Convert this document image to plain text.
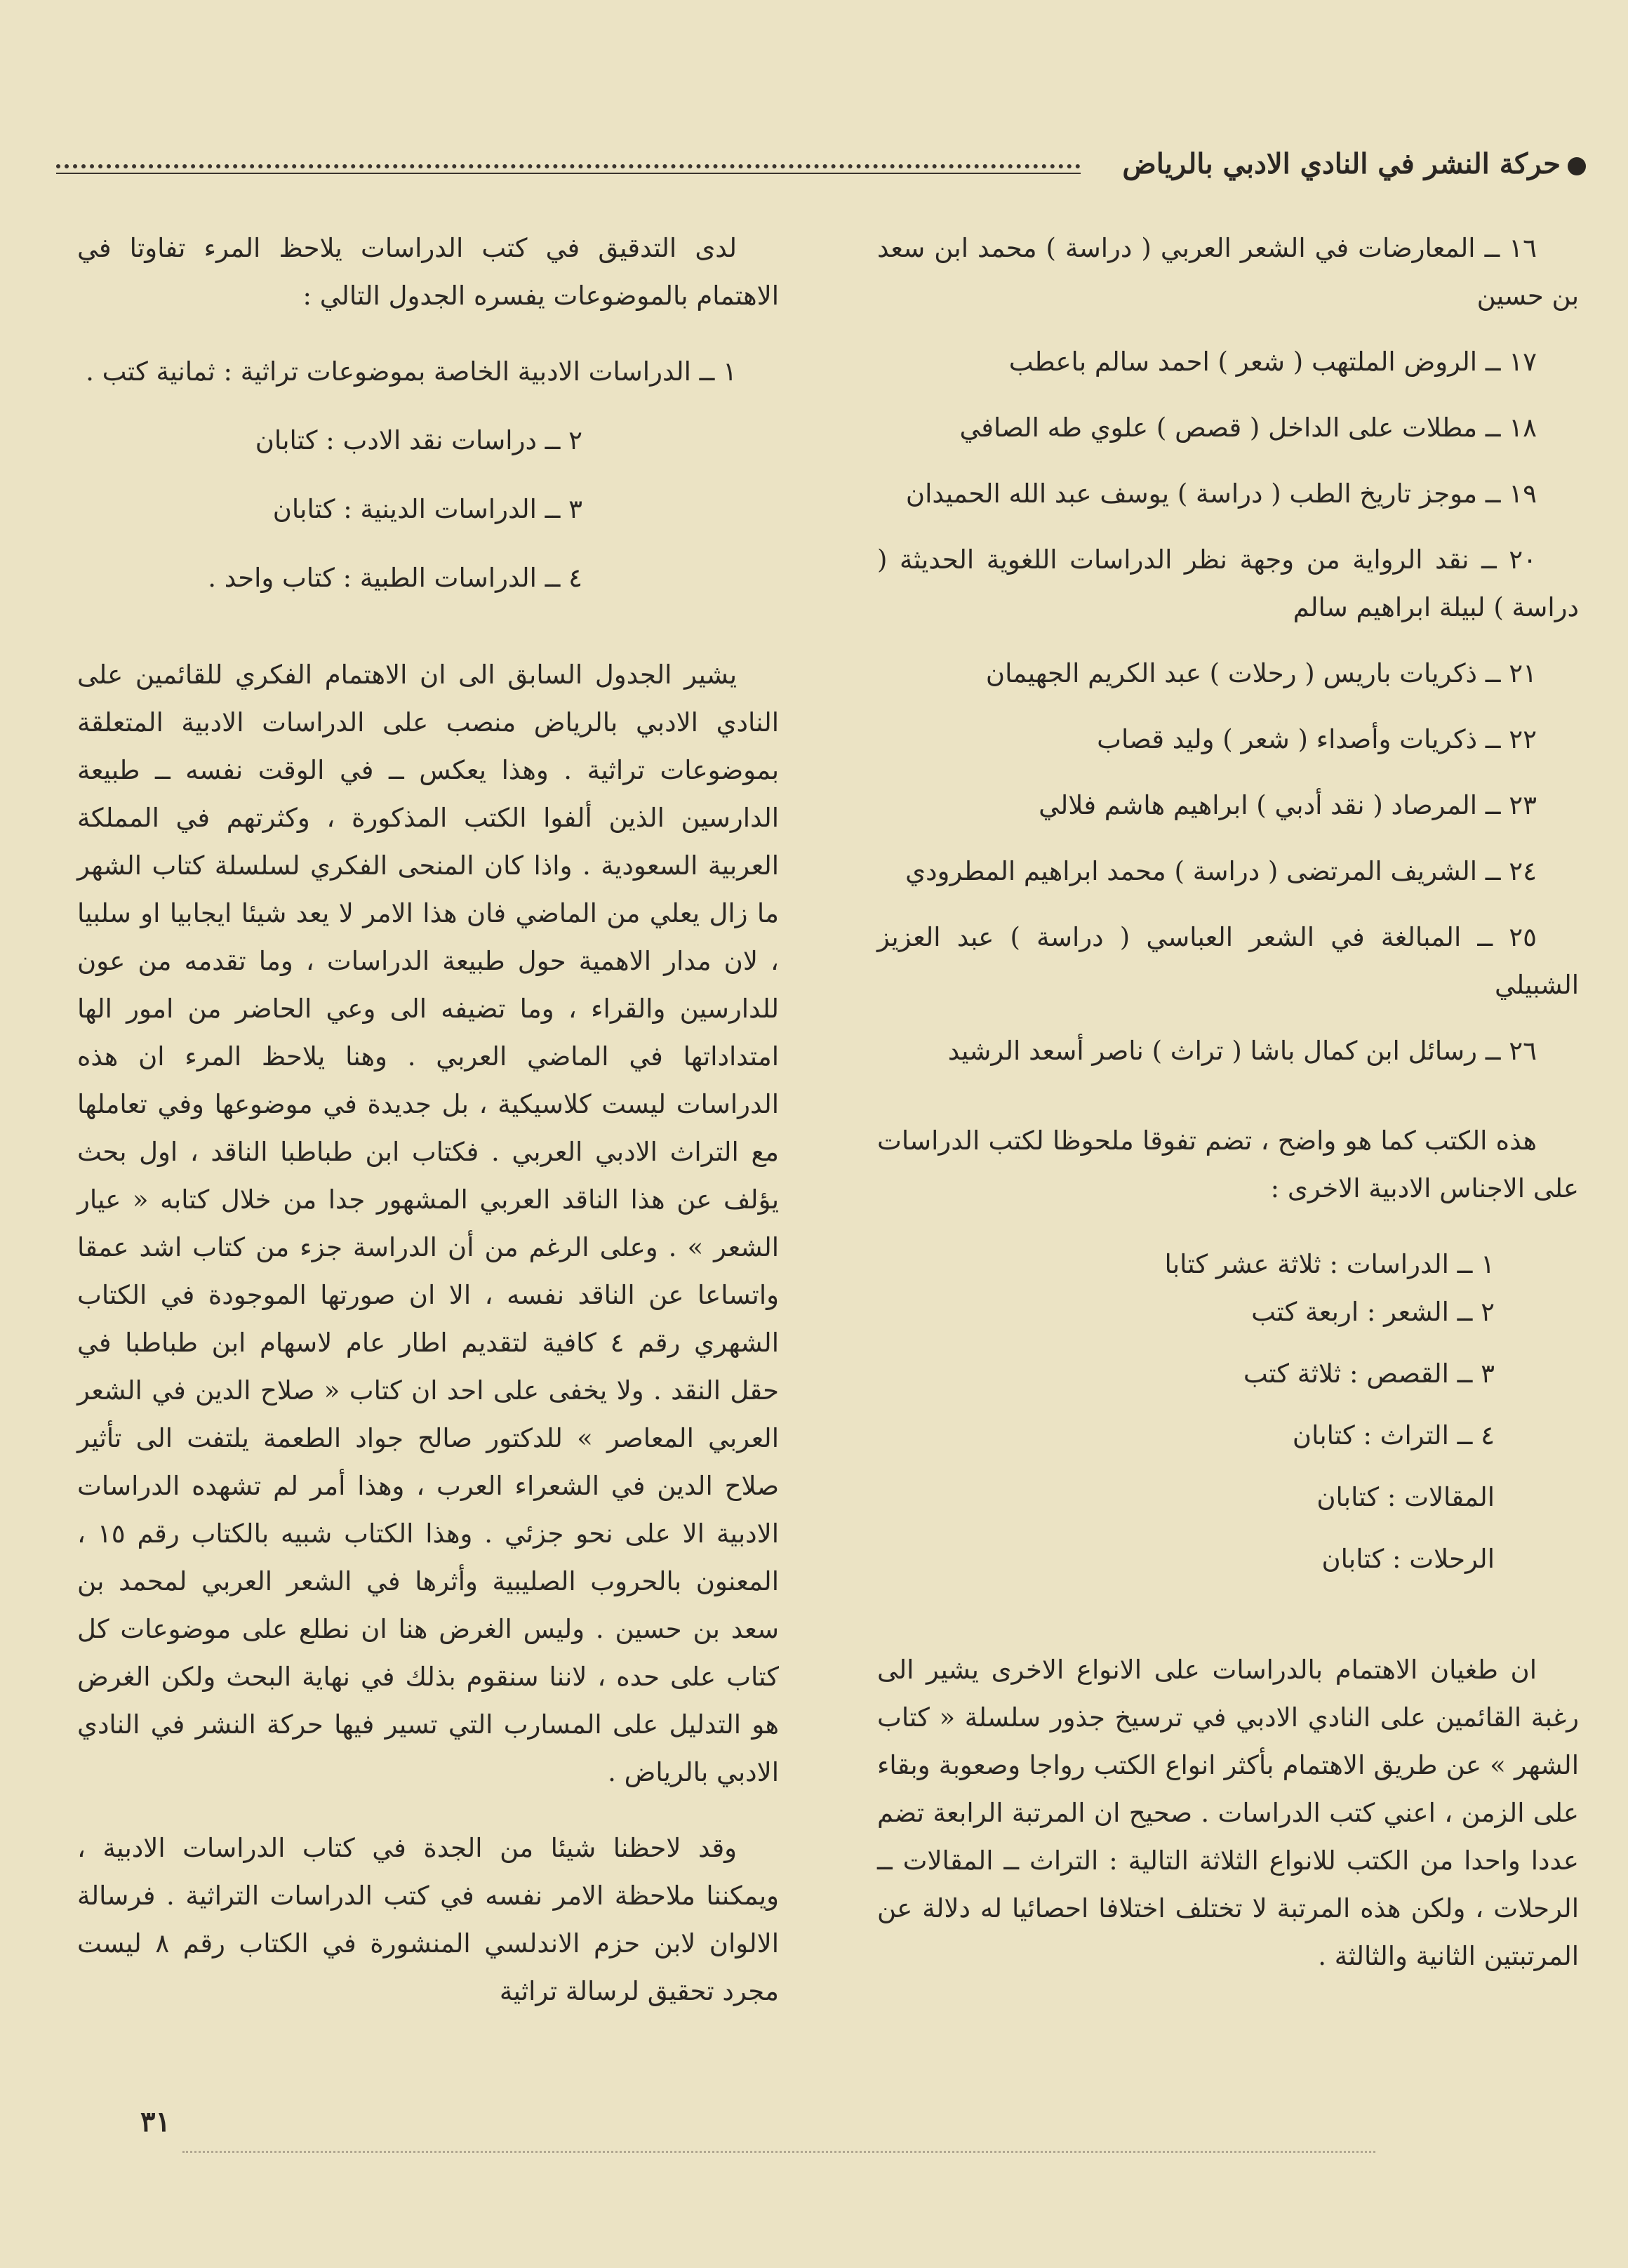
حركة النشر في النادي الادبي بالرياض
١٦ ــ المعارضات في الشعر العربي ( دراسة ) محمد ابن سعد بن حسين
١٧ ــ الروض الملتهب ( شعر ) احمد سالم باعطب
١٨ ــ مطلات على الداخل ( قصص ) علوي طه الصافي
١٩ ــ موجز تاريخ الطب ( دراسة ) يوسف عبد الله الحميدان
٢٠ ــ نقد الرواية من وجهة نظر الدراسات اللغوية الحديثة ( دراسة ) لبيلة ابراهيم سالم
٢١ ــ ذكريات باريس ( رحلات ) عبد الكريم الجهيمان
٢٢ ــ ذكريات وأصداء ( شعر ) وليد قصاب
٢٣ ــ المرصاد ( نقد أدبي ) ابراهيم هاشم فلالي
٢٤ ــ الشريف المرتضى ( دراسة ) محمد ابراهيم المطرودي
٢٥ ــ المبالغة في الشعر العباسي ( دراسة ) عبد العزيز الشبيلي
٢٦ ــ رسائل ابن كمال باشا ( تراث ) ناصر أسعد الرشيد

هذه الكتب كما هو واضح ، تضم تفوقا ملحوظا لكتب الدراسات على الاجناس الادبية الاخرى :

١ ــ الدراسات : ثلاثة عشر كتابا
٢ ــ الشعر : اربعة كتب
٣ ــ القصص : ثلاثة كتب
٤ ــ التراث : كتابان
المقالات : كتابان
الرحلات : كتابان

ان طغيان الاهتمام بالدراسات على الانواع الاخرى يشير الى رغبة القائمين على النادي الادبي في ترسيخ جذور سلسلة « كتاب الشهر » عن طريق الاهتمام بأكثر انواع الكتب رواجا وصعوبة وبقاء على الزمن ، اعني كتب الدراسات . صحيح ان المرتبة الرابعة تضم عددا واحدا من الكتب للانواع الثلاثة التالية : التراث ــ المقالات ــ الرحلات ، ولكن هذه المرتبة لا تختلف اختلافا احصائيا له دلالة عن المرتبتين الثانية والثالثة .

لدى التدقيق في كتب الدراسات يلاحظ المرء تفاوتا في الاهتمام بالموضوعات يفسره الجدول التالي :

١ ــ الدراسات الادبية الخاصة بموضوعات تراثية : ثمانية كتب .
٢ ــ دراسات نقد الادب : كتابان
٣ ــ الدراسات الدينية : كتابان
٤ ــ الدراسات الطبية : كتاب واحد .

يشير الجدول السابق الى ان الاهتمام الفكري للقائمين على النادي الادبي بالرياض منصب على الدراسات الادبية المتعلقة بموضوعات تراثية . وهذا يعكس ــ في الوقت نفسه ــ طبيعة الدارسين الذين ألفوا الكتب المذكورة ، وكثرتهم في المملكة العربية السعودية . واذا كان المنحى الفكري لسلسلة كتاب الشهر ما زال يعلي من الماضي فان هذا الامر لا يعد شيئا ايجابيا او سلبيا ، لان مدار الاهمية حول طبيعة الدراسات ، وما تقدمه من عون للدارسين والقراء ، وما تضيفه الى وعي الحاضر من امور الها امتداداتها في الماضي العربي . وهنا يلاحظ المرء ان هذه الدراسات ليست كلاسيكية ، بل جديدة في موضوعها وفي تعاملها مع التراث الادبي العربي . فكتاب ابن طباطبا الناقد ، اول بحث يؤلف عن هذا الناقد العربي المشهور جدا من خلال كتابه « عيار الشعر » . وعلى الرغم من أن الدراسة جزء من كتاب اشد عمقا واتساعا عن الناقد نفسه ، الا ان صورتها الموجودة في الكتاب الشهري رقم ٤ كافية لتقديم اطار عام لاسهام ابن طباطبا في حقل النقد . ولا يخفى على احد ان كتاب « صلاح الدين في الشعر العربي المعاصر » للدكتور صالح جواد الطعمة يلتفت الى تأثير صلاح الدين في الشعراء العرب ، وهذا أمر لم تشهده الدراسات الادبية الا على نحو جزئي . وهذا الكتاب شبيه بالكتاب رقم ١٥ ، المعنون بالحروب الصليبية وأثرها في الشعر العربي لمحمد بن سعد بن حسين . وليس الغرض هنا ان نطلع على موضوعات كل كتاب على حده ، لاننا سنقوم بذلك في نهاية البحث ولكن الغرض هو التدليل على المسارب التي تسير فيها حركة النشر في النادي الادبي بالرياض .

وقد لاحظنا شيئا من الجدة في كتاب الدراسات الادبية ، ويمكننا ملاحظة الامر نفسه في كتب الدراسات التراثية . فرسالة الالوان لابن حزم الاندلسي المنشورة في الكتاب رقم ٨ ليست مجرد تحقيق لرسالة تراثية

٣١
